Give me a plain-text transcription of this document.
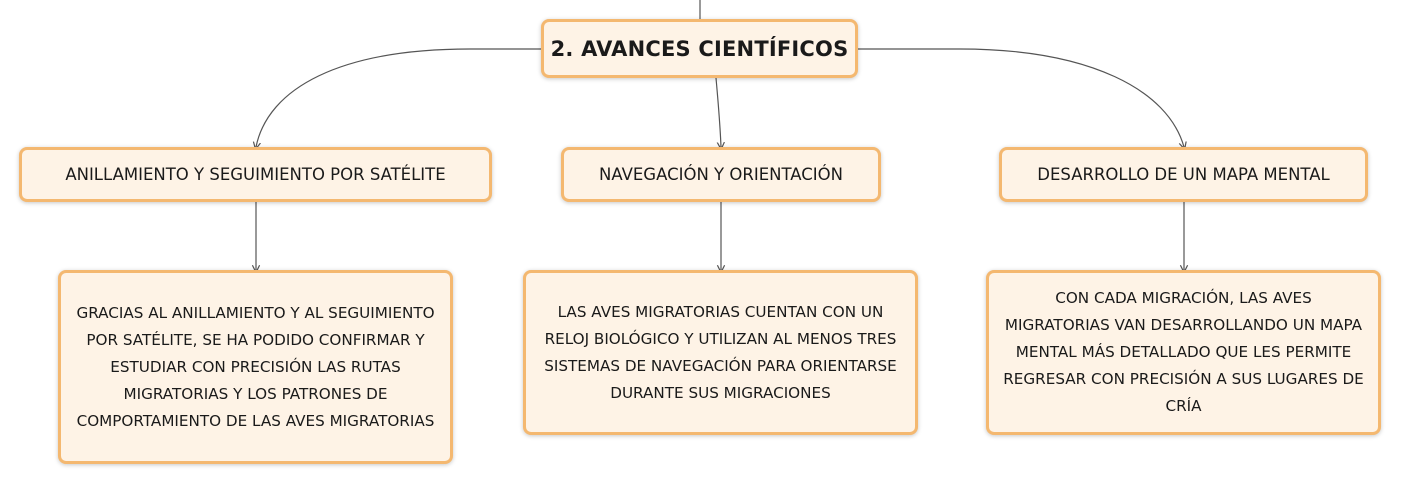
2. AVANCES CIENTÍFICOS
ANILLAMIENTO Y SEGUIMIENTO POR SATÉLITE	NAVEGACIÓN Y ORIENTACIÓN	DESARROLLO DE UN MAPA MENTAL
GRACIAS AL ANILLAMIENTO Y AL SEGUIMIENTO POR SATÉLITE, SE HA PODIDO CONFIRMAR Y ESTUDIAR CON PRECISIÓN LAS RUTAS MIGRATORIAS Y LOS PATRONES DE COMPORTAMIENTO DE LAS AVES MIGRATORIAS
LAS AVES MIGRATORIAS CUENTAN CON UN RELOJ BIOLÓGICO Y UTILIZAN AL MENOS TRES SISTEMAS DE NAVEGACIÓN PARA ORIENTARSE DURANTE SUS MIGRACIONES
CON CADA MIGRACIÓN, LAS AVES MIGRATORIAS VAN DESARROLLANDO UN MAPA MENTAL MÁS DETALLADO QUE LES PERMITE REGRESAR CON PRECISIÓN A SUS LUGARES DE CRÍA
